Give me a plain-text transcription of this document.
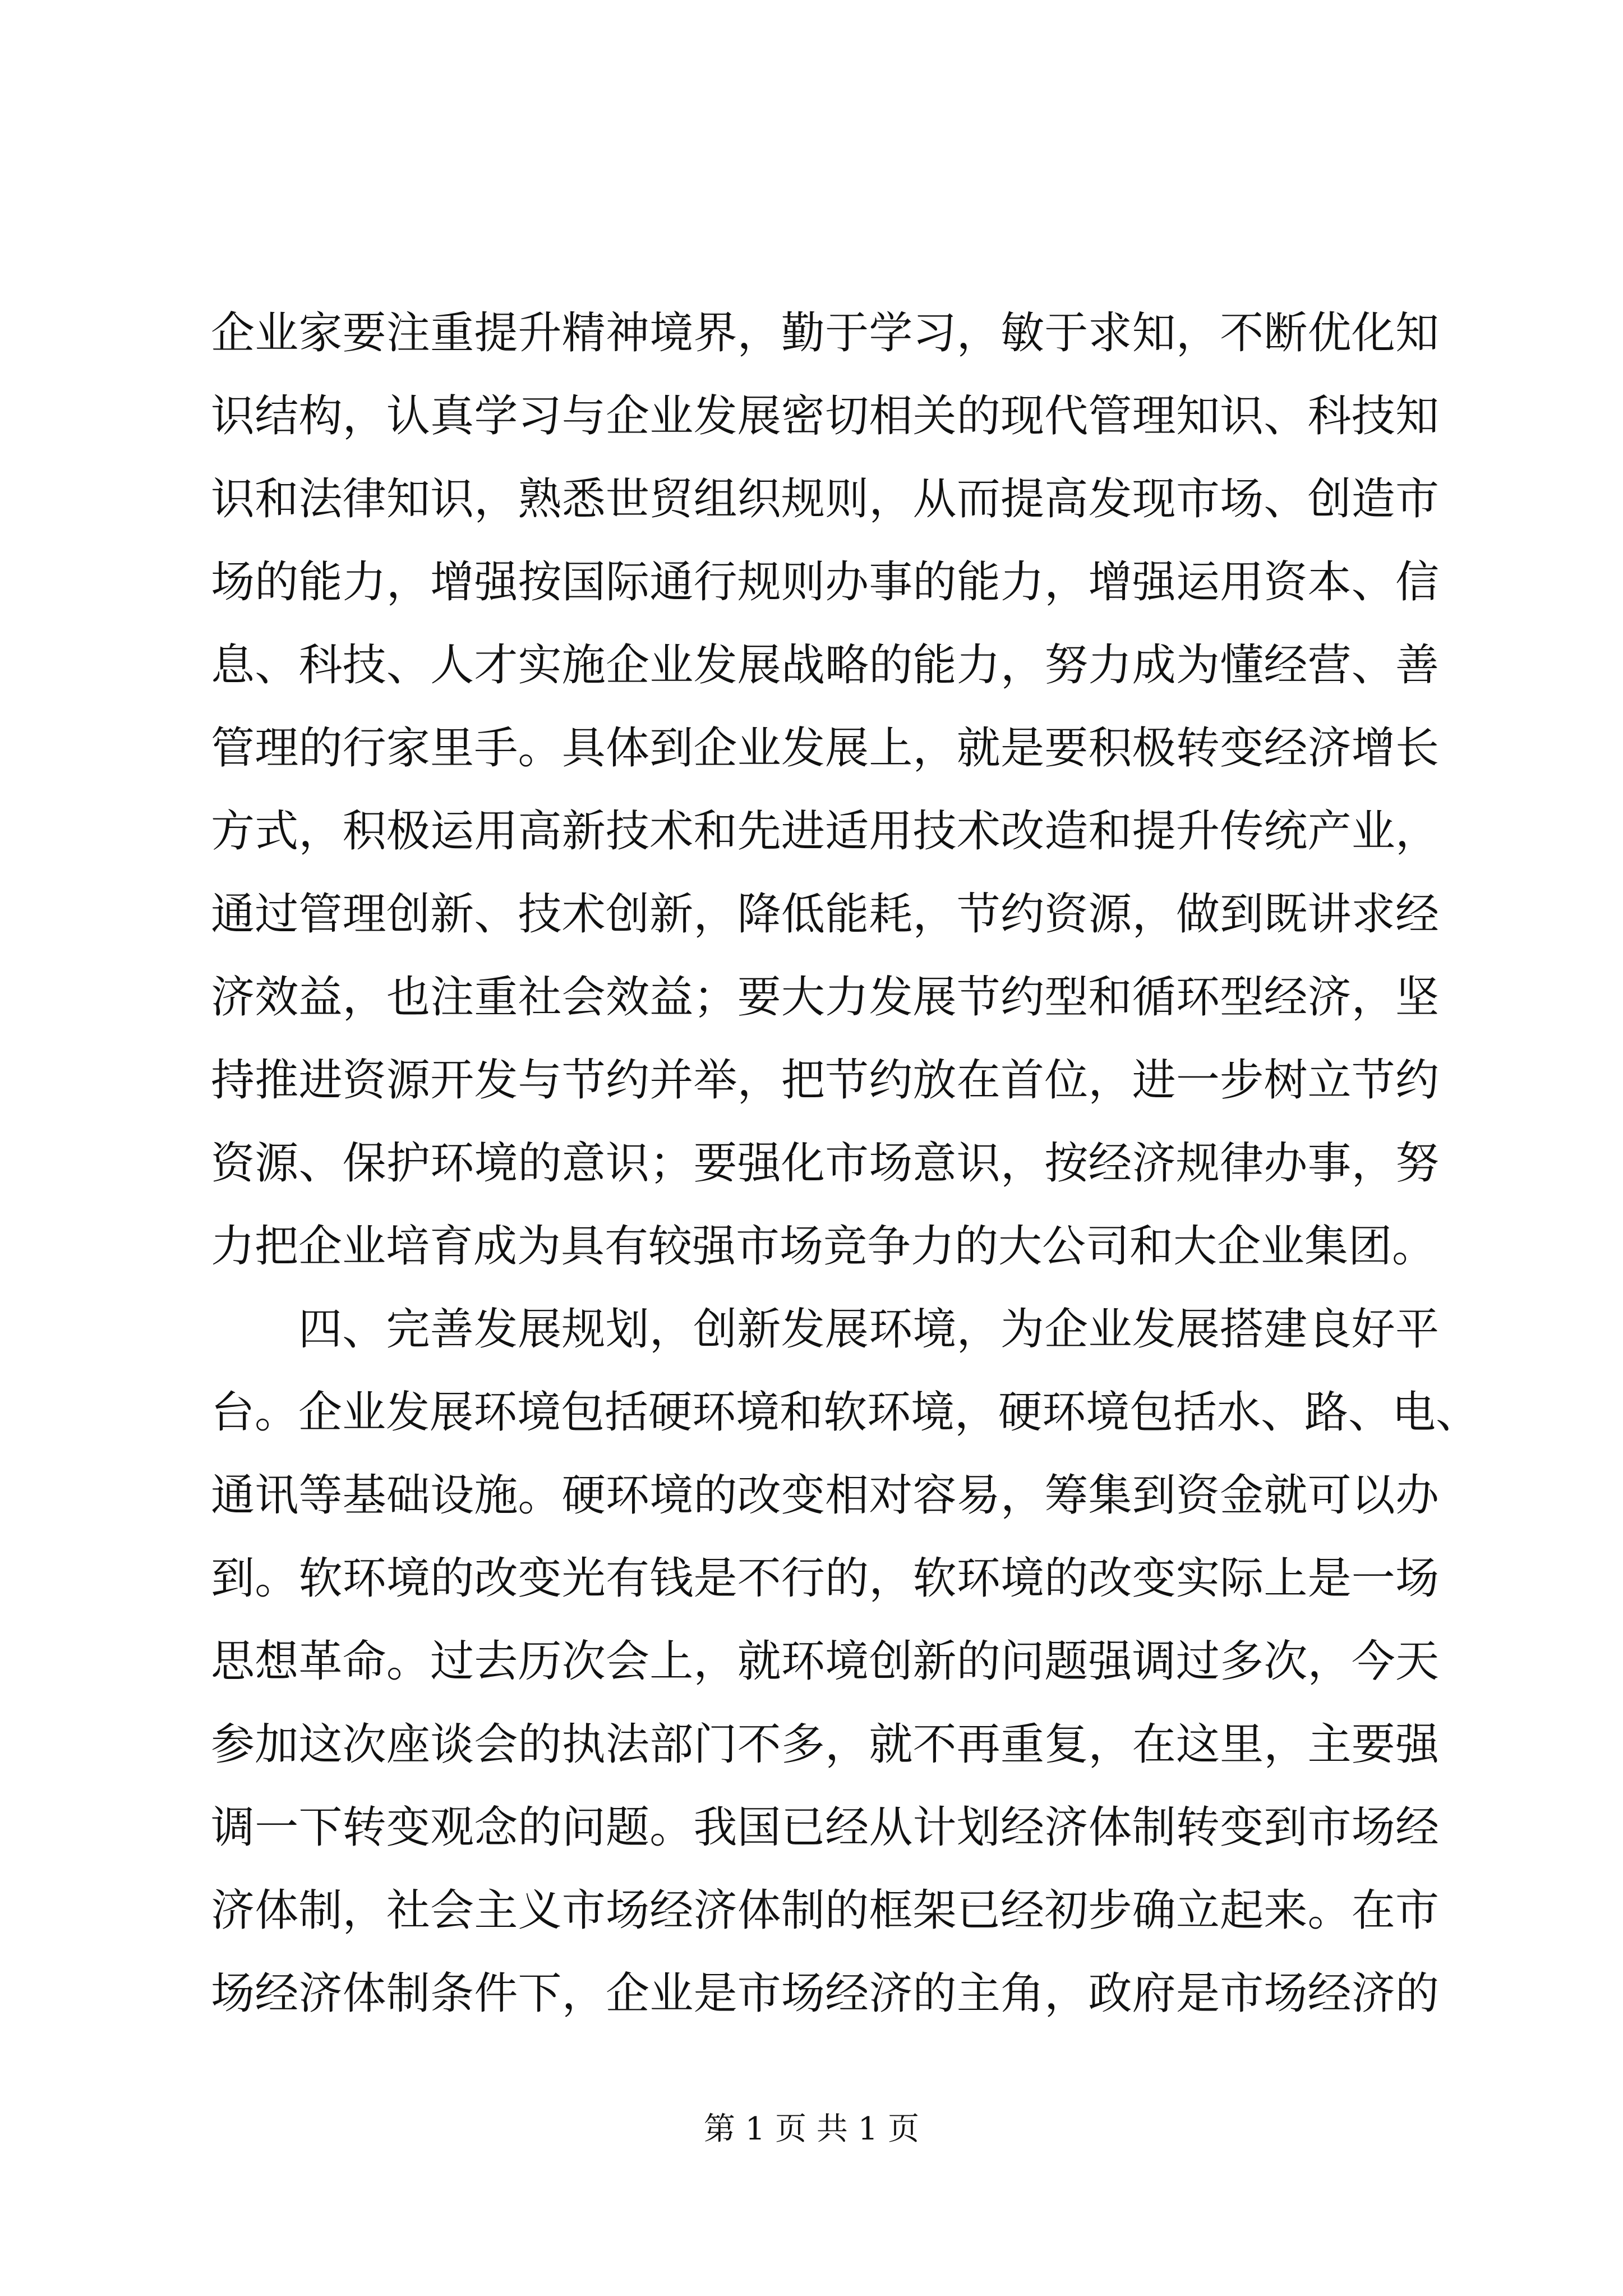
企业家要注重提升精神境界，勤于学习，敏于求知，不断优化知
识结构，认真学习与企业发展密切相关的现代管理知识、科技知
识和法律知识，熟悉世贸组织规则，从而提高发现市场、创造市
场的能力，增强按国际通行规则办事的能力，增强运用资本、信
息、科技、人才实施企业发展战略的能力，努力成为懂经营、善
管理的行家里手。具体到企业发展上，就是要积极转变经济增长
方式，积极运用高新技术和先进适用技术改造和提升传统产业，
通过管理创新、技术创新，降低能耗，节约资源，做到既讲求经
济效益，也注重社会效益；要大力发展节约型和循环型经济，坚
持推进资源开发与节约并举，把节约放在首位，进一步树立节约
资源、保护环境的意识；要强化市场意识，按经济规律办事，努
力把企业培育成为具有较强市场竞争力的大公司和大企业集团。
四、完善发展规划，创新发展环境，为企业发展搭建良好平
台。企业发展环境包括硬环境和软环境，硬环境包括水、路、电、
通讯等基础设施。硬环境的改变相对容易，筹集到资金就可以办
到。软环境的改变光有钱是不行的，软环境的改变实际上是一场
思想革命。过去历次会上，就环境创新的问题强调过多次，今天
参加这次座谈会的执法部门不多，就不再重复，在这里，主要强
调一下转变观念的问题。我国已经从计划经济体制转变到市场经
济体制，社会主义市场经济体制的框架已经初步确立起来。在市
场经济体制条件下，企业是市场经济的主角，政府是市场经济的
第 1 页 共 1 页
